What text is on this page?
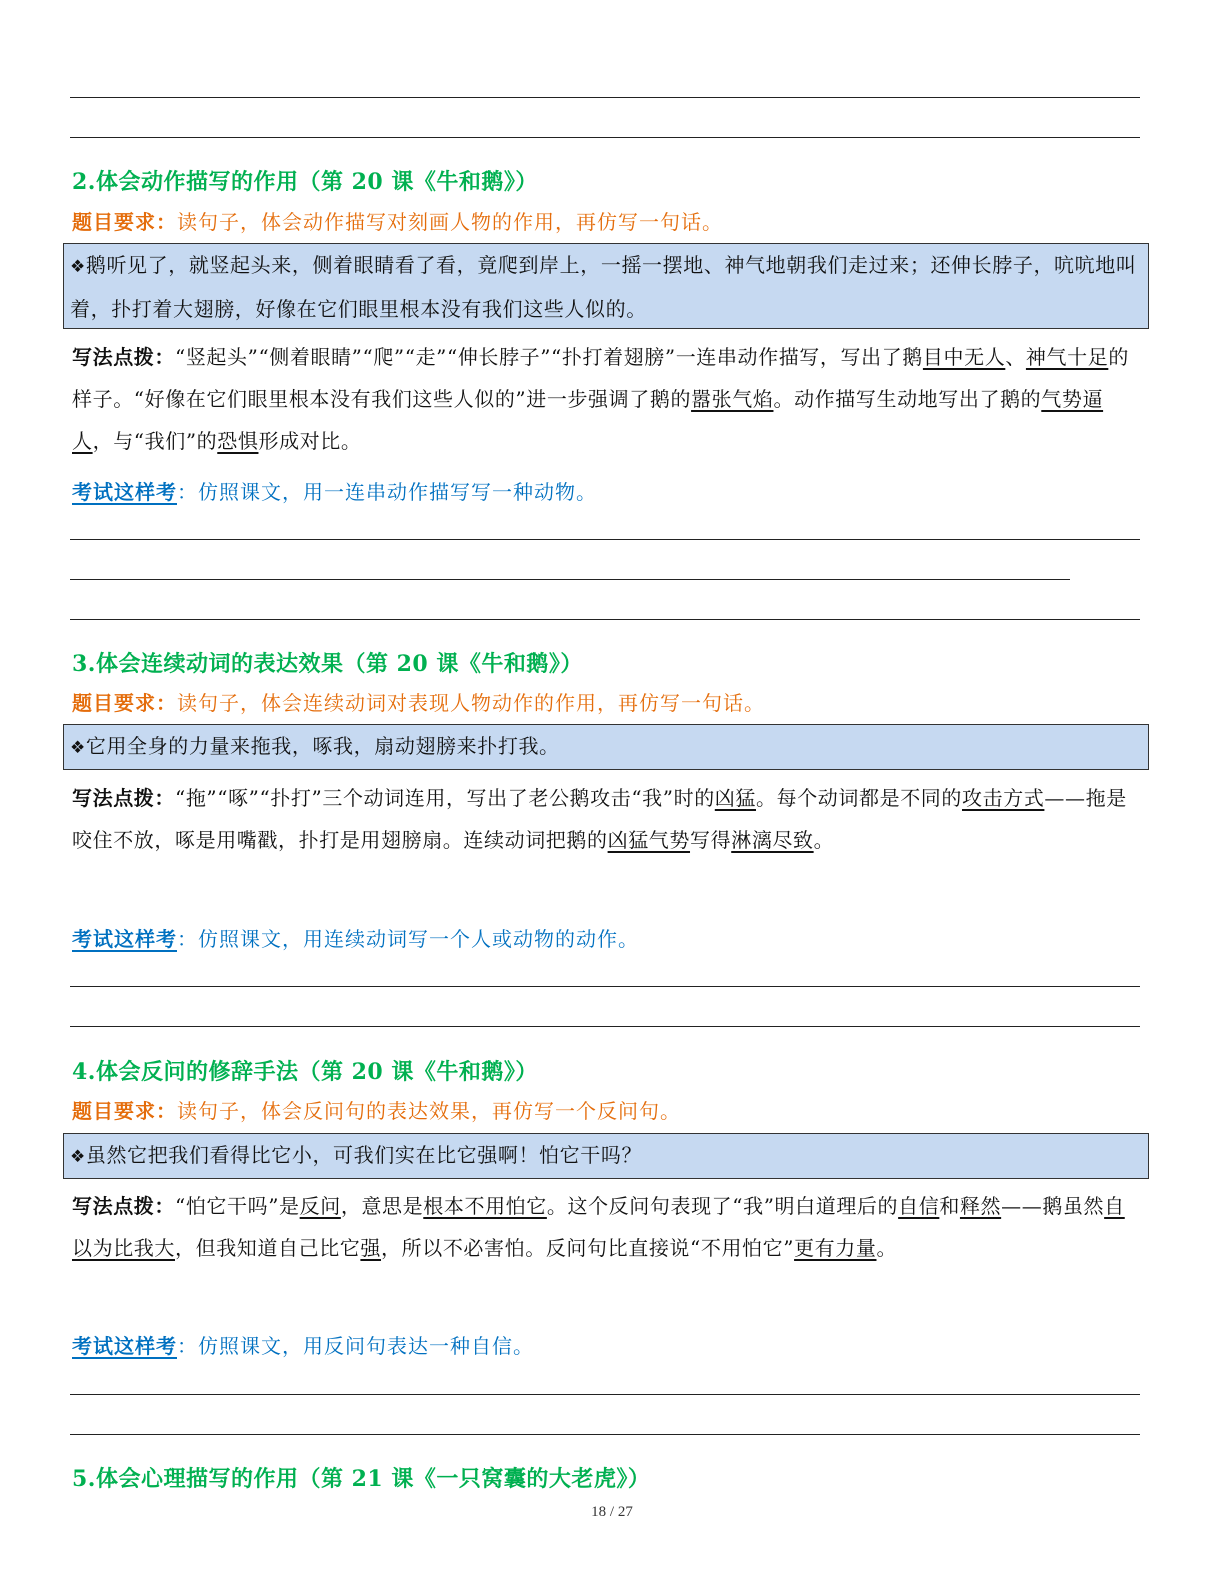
2.体会动作描写的作用（第 20 课《牛和鹅》）
题目要求：读句子，体会动作描写对刻画人物的作用，再仿写一句话。
❖鹅听见了，就竖起头来，侧着眼睛看了看，竟爬到岸上，一摇一摆地、神气地朝我们走过来；还伸长脖子，吭吭地叫着，扑打着大翅膀，好像在它们眼里根本没有我们这些人似的。
写法点拨：“竖起头”“侧着眼睛”“爬”“走”“伸长脖子”“扑打着翅膀”一连串动作描写，写出了鹅目中无人、神气十足的样子。“好像在它们眼里根本没有我们这些人似的”进一步强调了鹅的嚣张气焰。动作描写生动地写出了鹅的气势逼人，与“我们”的恐惧形成对比。
考试这样考：仿照课文，用一连串动作描写写一种动物。
3.体会连续动词的表达效果（第 20 课《牛和鹅》）
题目要求：读句子，体会连续动词对表现人物动作的作用，再仿写一句话。
❖它用全身的力量来拖我，啄我，扇动翅膀来扑打我。
写法点拨：“拖”“啄”“扑打”三个动词连用，写出了老公鹅攻击“我”时的凶猛。每个动词都是不同的攻击方式——拖是咬住不放，啄是用嘴戳，扑打是用翅膀扇。连续动词把鹅的凶猛气势写得淋漓尽致。
考试这样考：仿照课文，用连续动词写一个人或动物的动作。
4.体会反问的修辞手法（第 20 课《牛和鹅》）
题目要求：读句子，体会反问句的表达效果，再仿写一个反问句。
❖虽然它把我们看得比它小，可我们实在比它强啊！怕它干吗？
写法点拨：“怕它干吗”是反问，意思是根本不用怕它。这个反问句表现了“我”明白道理后的自信和释然——鹅虽然自以为比我大，但我知道自己比它强，所以不必害怕。反问句比直接说“不用怕它”更有力量。
考试这样考：仿照课文，用反问句表达一种自信。
5.体会心理描写的作用（第 21 课《一只窝囊的大老虎》）
18 / 27
